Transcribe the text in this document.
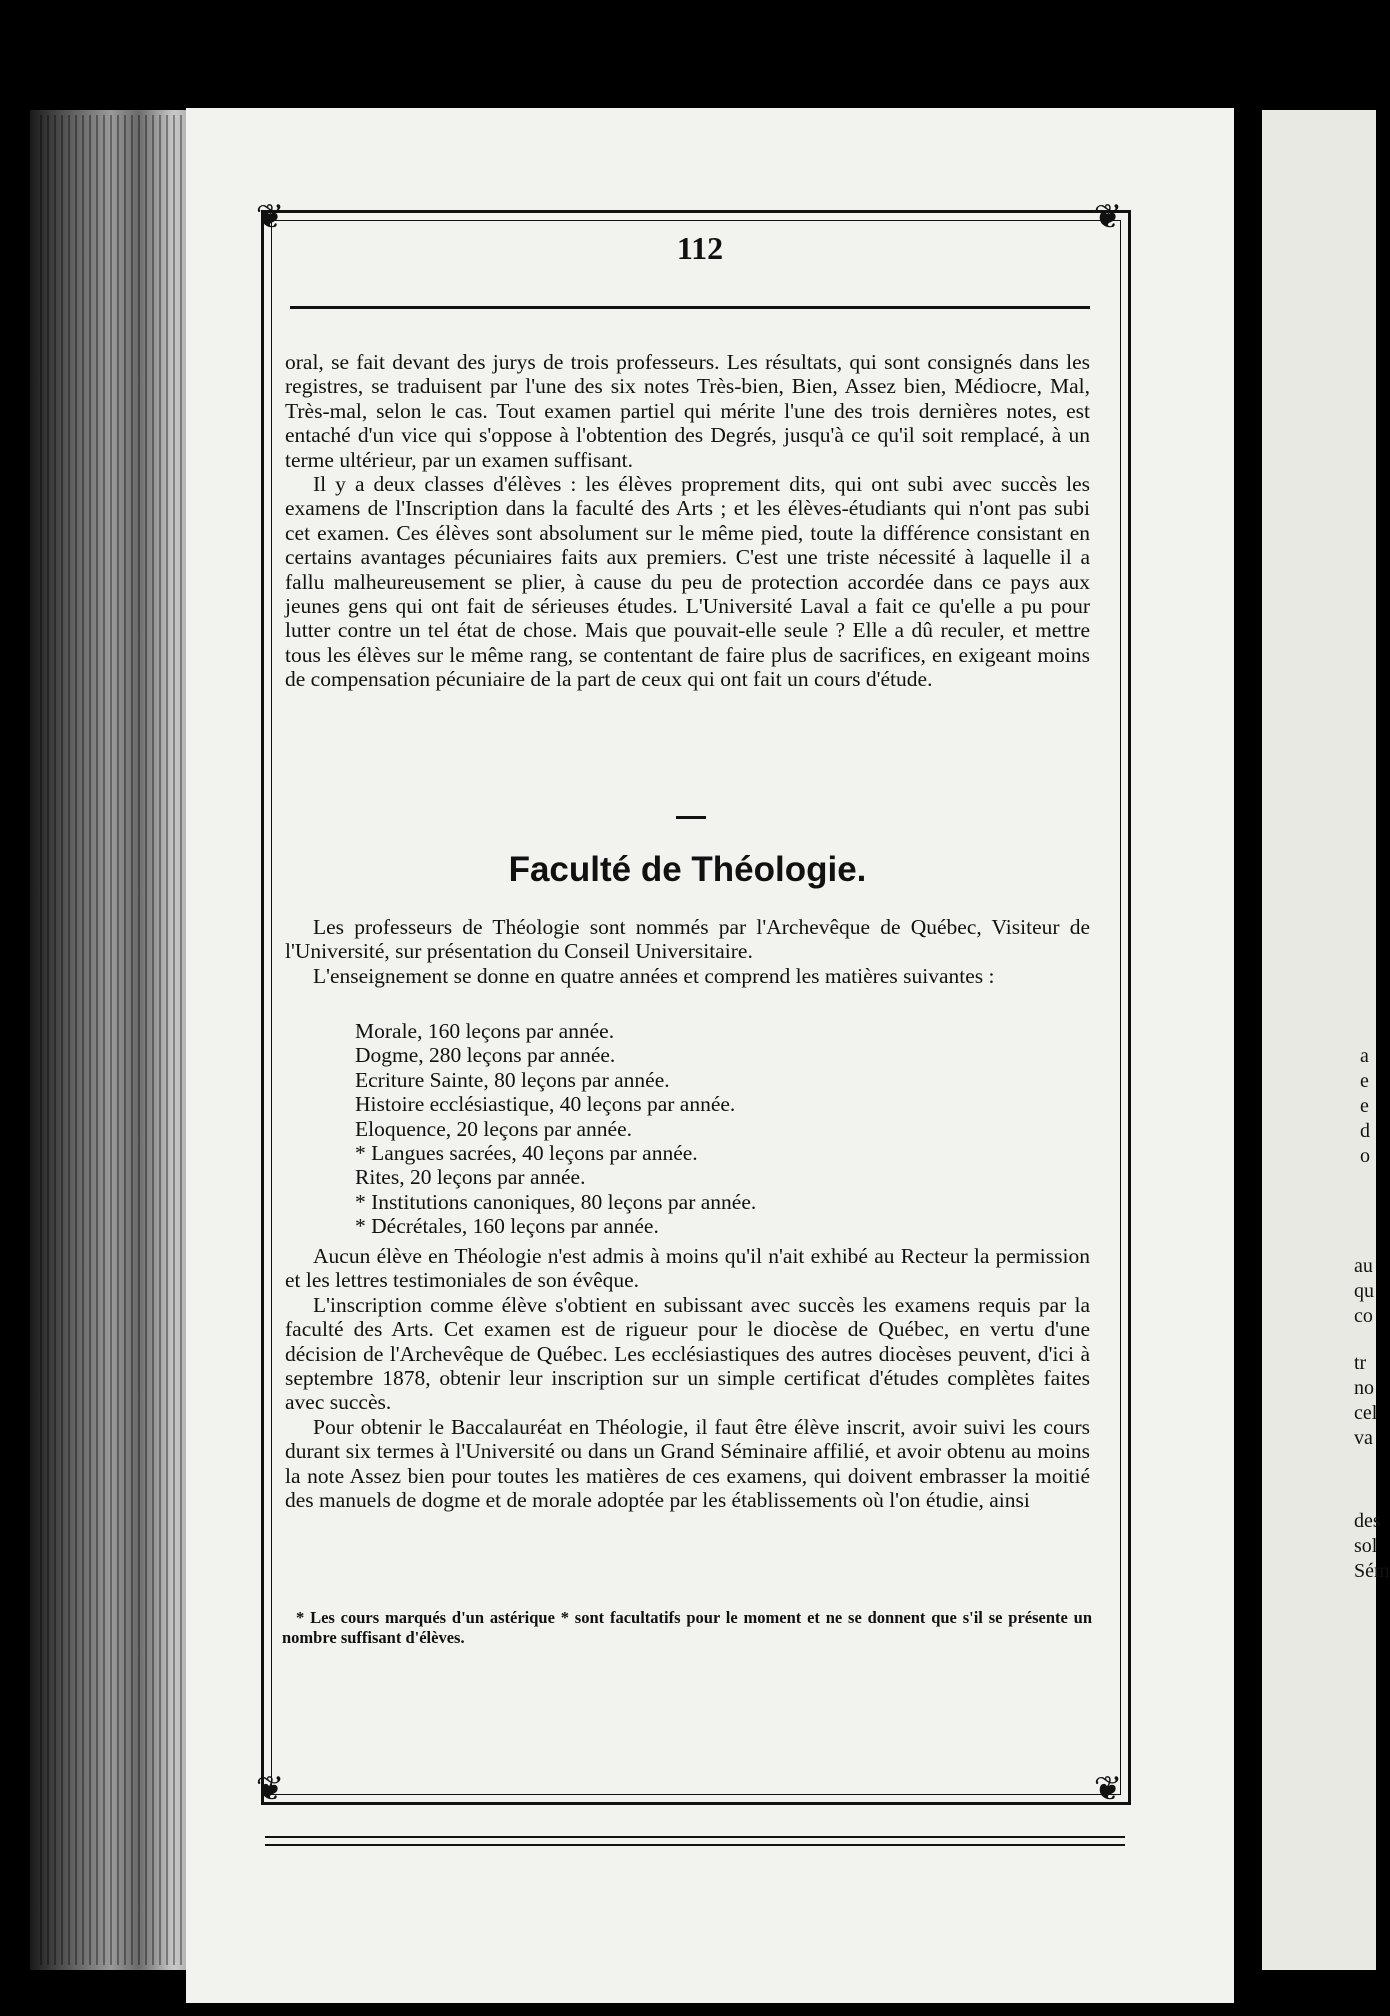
a
e
e
d
o
au
qu
co
tr
no
cel
va
des
sol
Sém
❦	❦
❦	❦
112

oral, se fait devant des jurys de trois professeurs. Les résultats, qui sont consignés dans les registres, se traduisent par l'une des six notes Très-bien, Bien, Assez bien, Médiocre, Mal, Très-mal, selon le cas. Tout examen partiel qui mérite l'une des trois dernières notes, est entaché d'un vice qui s'oppose à l'obtention des Degrés, jusqu'à ce qu'il soit remplacé, à un terme ultérieur, par un examen suffisant.

Il y a deux classes d'élèves : les élèves proprement dits, qui ont subi avec succès les examens de l'Inscription dans la faculté des Arts ; et les élèves-étudiants qui n'ont pas subi cet examen. Ces élèves sont absolument sur le même pied, toute la différence consistant en certains avantages pécuniaires faits aux premiers. C'est une triste nécessité à laquelle il a fallu malheureusement se plier, à cause du peu de protection accordée dans ce pays aux jeunes gens qui ont fait de sérieuses études. L'Université Laval a fait ce qu'elle a pu pour lutter contre un tel état de chose. Mais que pouvait-elle seule ? Elle a dû reculer, et mettre tous les élèves sur le même rang, se contentant de faire plus de sacrifices, en exigeant moins de compensation pécuniaire de la part de ceux qui ont fait un cours d'étude.

Faculté de Théologie.

Les professeurs de Théologie sont nommés par l'Archevêque de Québec, Visiteur de l'Université, sur présentation du Conseil Universitaire.

L'enseignement se donne en quatre années et comprend les matières suivantes :

Morale, 160 leçons par année.
Dogme, 280 leçons par année.
Ecriture Sainte, 80 leçons par année.
Histoire ecclésiastique, 40 leçons par année.
Eloquence, 20 leçons par année.
* Langues sacrées, 40 leçons par année.
Rites, 20 leçons par année.
* Institutions canoniques, 80 leçons par année.
* Décrétales, 160 leçons par année.

Aucun élève en Théologie n'est admis à moins qu'il n'ait exhibé au Recteur la permission et les lettres testimoniales de son évêque.

L'inscription comme élève s'obtient en subissant avec succès les examens requis par la faculté des Arts. Cet examen est de rigueur pour le diocèse de Québec, en vertu d'une décision de l'Archevêque de Québec. Les ecclésiastiques des autres diocèses peuvent, d'ici à septembre 1878, obtenir leur inscription sur un simple certificat d'études complètes faites avec succès.

Pour obtenir le Baccalauréat en Théologie, il faut être élève inscrit, avoir suivi les cours durant six termes à l'Université ou dans un Grand Séminaire affilié, et avoir obtenu au moins la note Assez bien pour toutes les matières de ces examens, qui doivent embrasser la moitié des manuels de dogme et de morale adoptée par les établissements où l'on étudie, ainsi

* Les cours marqués d'un astérique * sont facultatifs pour le moment et ne se donnent que s'il se présente un nombre suffisant d'élèves.
